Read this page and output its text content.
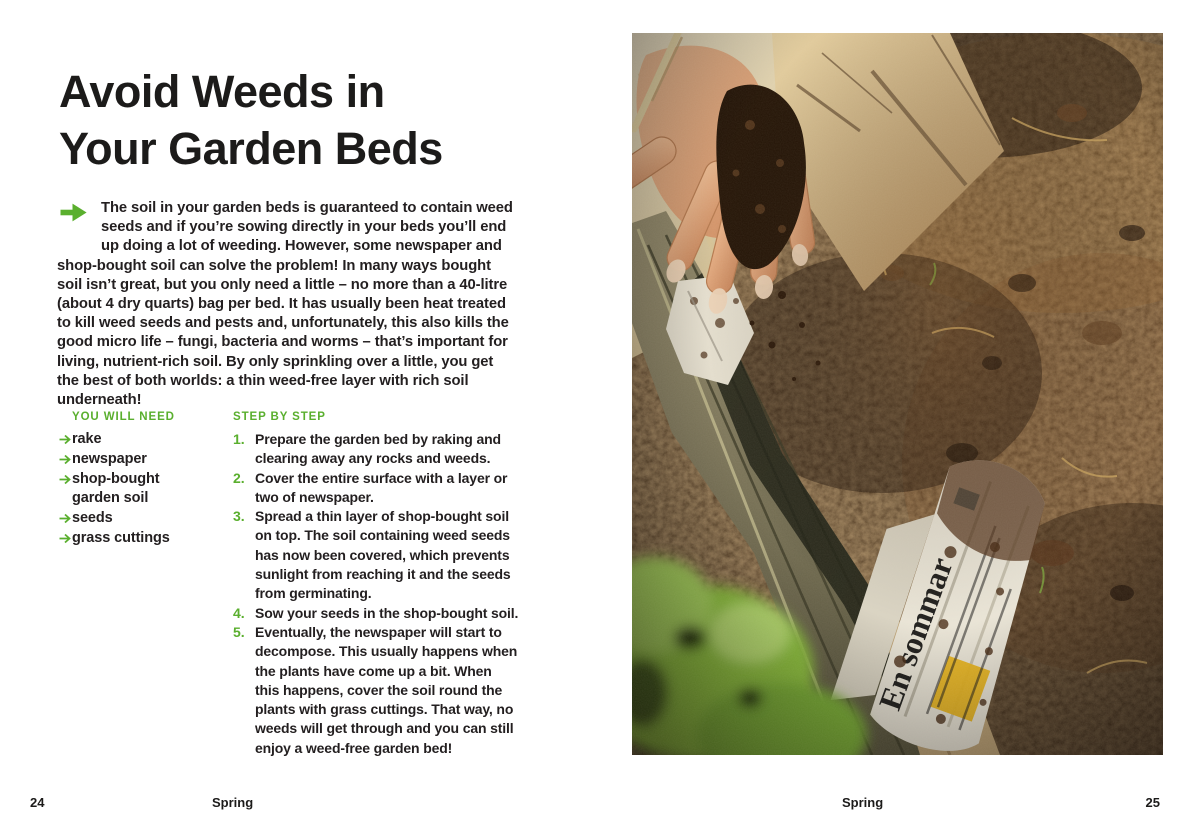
Avoid Weeds in
Your Garden Beds

The soil in your garden beds is guaranteed to contain weed seeds and if you’re sowing directly in your beds you’ll end up doing a lot of weeding. However, some newspaper and shop-bought soil can solve the problem! In many ways bought soil isn’t great, but you only need a little – no more than a 40-litre (about 4 dry quarts) bag per bed. It has usually been heat treated to kill weed seeds and pests and, unfortunately, this also kills the good micro life – fungi, bacteria and worms – that’s important for living, nutrient-rich soil. By only sprinkling over a little, you get the best of both worlds: a thin weed-free layer with rich soil underneath!

YOU WILL NEED

rake
newspaper
shop-bought garden soil
seeds
grass cuttings

STEP BY STEP

1. Prepare the garden bed by raking and clearing away any rocks and weeds.
2. Cover the entire surface with a layer or two of newspaper.
3. Spread a thin layer of shop-bought soil on top. The soil containing weed seeds has now been covered, which prevents sunlight from reaching it and the seeds from germinating.
4. Sow your seeds in the shop-bought soil.
5. Eventually, the newspaper will start to decompose. This usually happens when the plants have come up a bit. When this happens, cover the soil round the plants with grass cuttings. That way, no weeds will get through and you can still enjoy a weed-free garden bed!
24	Spring	Spring	25
